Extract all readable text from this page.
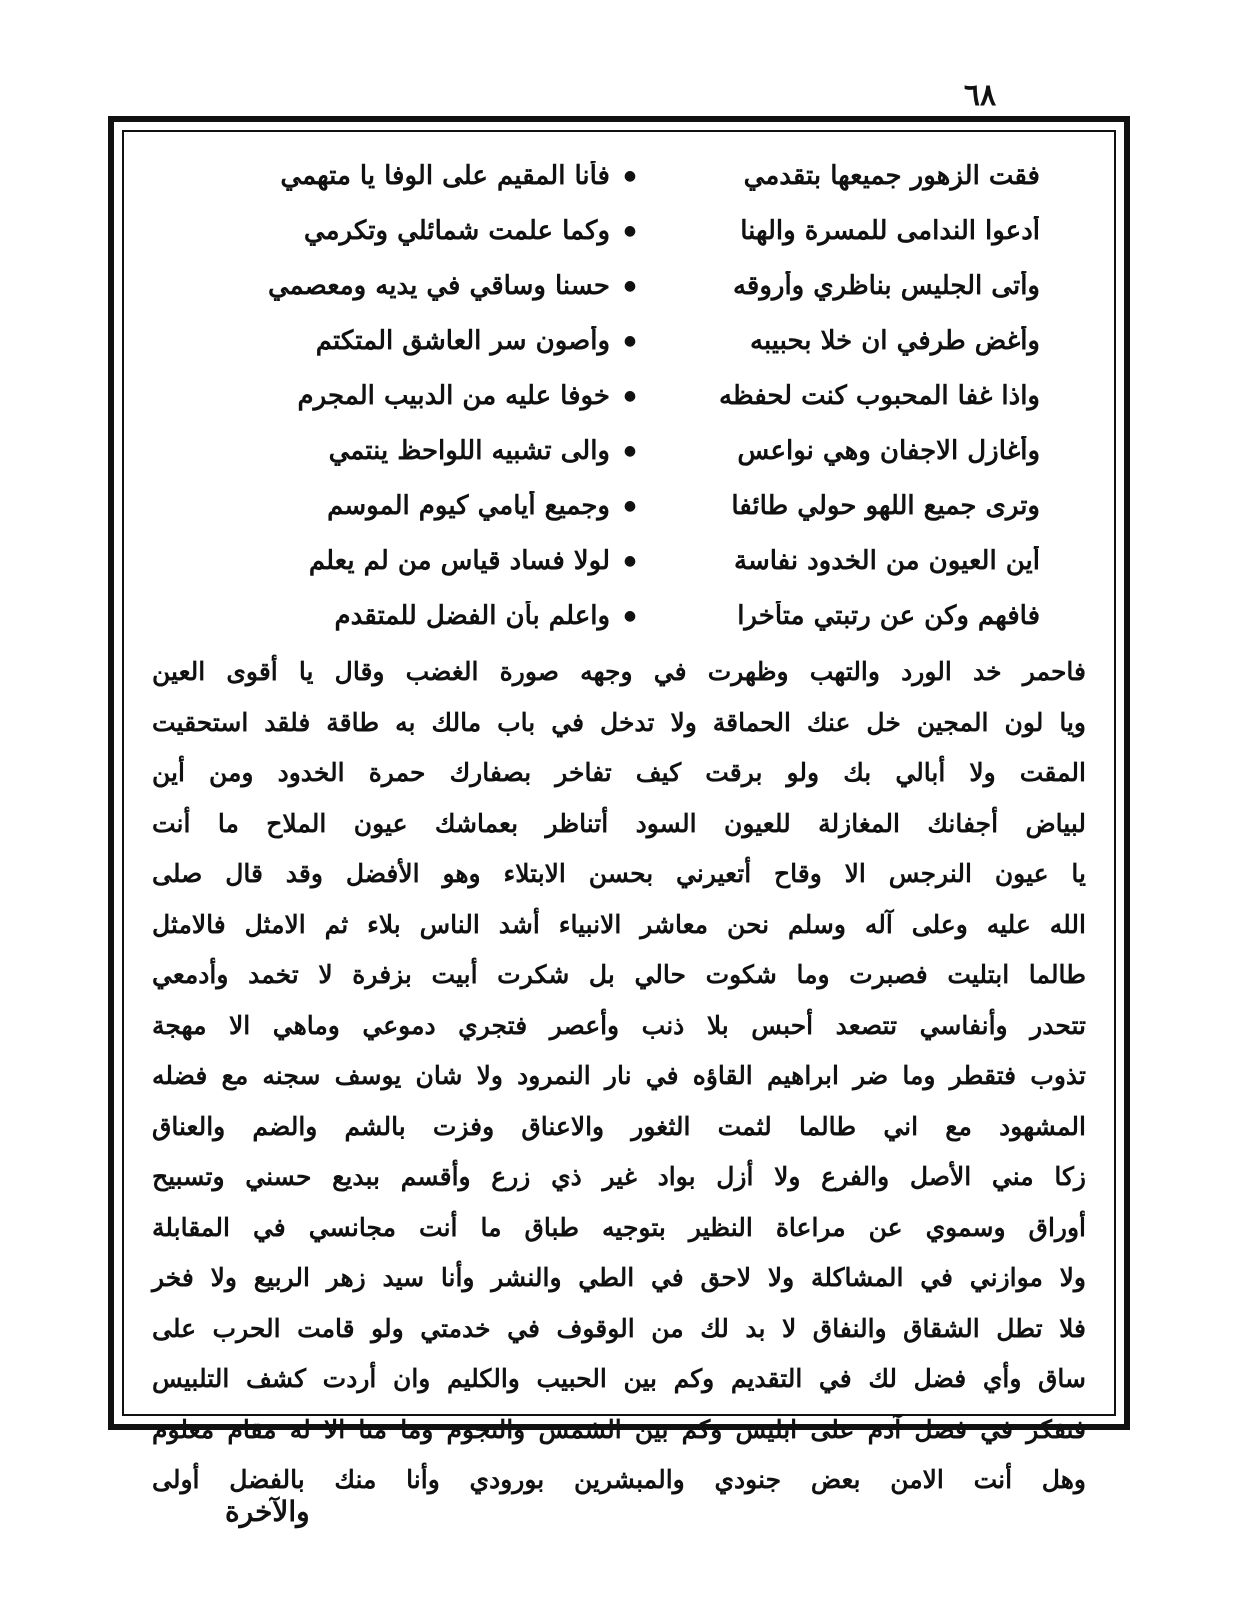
٦٨
فقت الزهور جميعها بتقدمي
●
فأنا المقيم على الوفا يا متهمي
أدعوا الندامى للمسرة والهنا
●
وكما علمت شمائلي وتكرمي
وأتى الجليس بناظري وأروقه
●
حسنا وساقي في يديه ومعصمي
وأغض طرفي ان خلا بحبيبه
●
وأصون سر العاشق المتكتم
واذا غفا المحبوب كنت لحفظه
●
خوفا عليه من الدبيب المجرم
وأغازل الاجفان وهي نواعس
●
والى تشبيه اللواحظ ينتمي
وترى جميع اللهو حولي طائفا
●
وجميع أيامي كيوم الموسم
أين العيون من الخدود نفاسة
●
لولا فساد قياس من لم يعلم
فافهم وكن عن رتبتي متأخرا
●
واعلم بأن الفضل للمتقدم
فاحمر خد الورد والتهب وظهرت في وجهه صورة الغضب وقال يا أقوى العين
ويا لون المجين خل عنك الحماقة ولا تدخل في باب مالك به طاقة فلقد استحقيت
المقت ولا أبالي بك ولو برقت كيف تفاخر بصفارك حمرة الخدود ومن أين
لبياض أجفانك المغازلة للعيون السود أتناظر بعماشك عيون الملاح ما أنت
يا عيون النرجس الا وقاح أتعيرني بحسن الابتلاء وهو الأفضل وقد قال صلى
الله عليه وعلى آله وسلم نحن معاشر الانبياء أشد الناس بلاء ثم الامثل فالامثل
طالما ابتليت فصبرت وما شكوت حالي بل شكرت أبيت بزفرة لا تخمد وأدمعي
تتحدر وأنفاسي تتصعد أحبس بلا ذنب وأعصر فتجري دموعي وماهي الا مهجة
تذوب فتقطر وما ضر ابراهيم القاؤه في نار النمرود ولا شان يوسف سجنه مع فضله
المشهود مع اني طالما لثمت الثغور والاعناق وفزت بالشم والضم والعناق
زكا مني الأصل والفرع ولا أزل بواد غير ذي زرع وأقسم ببديع حسني وتسبيح
أوراق وسموي عن مراعاة النظير بتوجيه طباق ما أنت مجانسي في المقابلة
ولا موازني في المشاكلة ولا لاحق في الطي والنشر وأنا سيد زهر الربيع ولا فخر
فلا تطل الشقاق والنفاق لا بد لك من الوقوف في خدمتي ولو قامت الحرب على
ساق وأي فضل لك في التقديم وكم بين الحبيب والكليم وان أردت كشف التلبيس
فتفكر في فضل آدم على ابليس وكم بين الشمس والنجوم وما منا الا له مقام معلوم
وهل أنت الامن بعض جنودي والمبشرين بورودي وأنا منك بالفضل أولى
والآخرة
